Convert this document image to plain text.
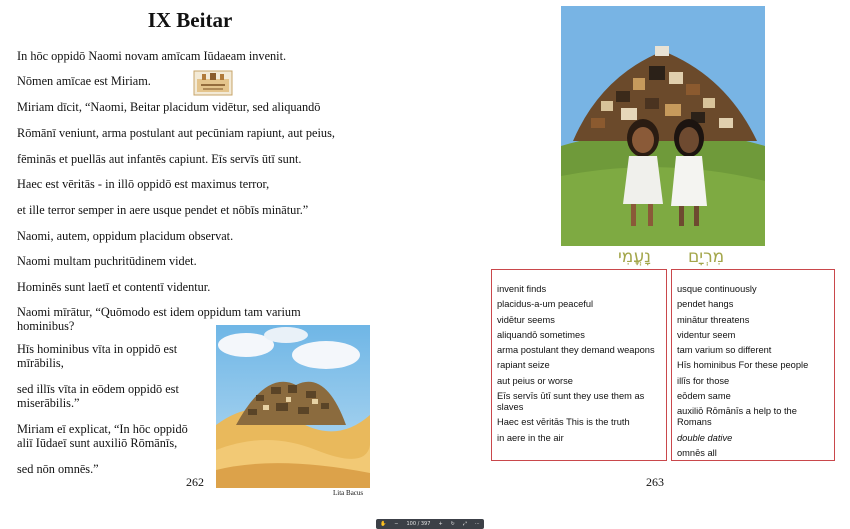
IX Beitar
In hōc oppidō Naomi novam amīcam Iūdaeam invenit.
Nōmen amīcae est Miriam.
Miriam dīcit, “Naomi, Beitar placidum vidētur, sed aliquandō
Rōmānī veniunt, arma postulant aut pecūniam rapiunt, aut peius,
fēminās et puellās aut infantēs capiunt. Eīs servīs ūtī sunt.
Haec est vēritās - in illō oppidō est maximus terror,
et ille terror semper in aere usque pendet et nōbīs minātur.”
Naomi, autem, oppidum placidum observat.
Naomi multam puchritūdinem videt.
Hominēs sunt laetī et contentī videntur.
Naomi mīrātur, “Quōmodo est idem oppidum tam varium hominibus?
Hīs hominibus vīta in oppidō est mīrābilis,
sed illīs vīta in eōdem oppidō est miserābilis.”
Miriam eī explicat, “In hōc oppidō aliī Iūdaeī sunt auxiliō Rōmānīs,
sed nōn omnēs.”
262
Lita Bacus
נָעֳמִי מִרְיָם
invenit finds
placidus-a-um peaceful
vidētur seems
aliquandō sometimes
arma postulant they demand weapons
rapiant seize
aut peius or worse
Eīs servīs ūtī sunt they use them as slaves
Haec est vēritās This is the truth
in aere in the air
usque continuously
pendet hangs
minātur threatens
videntur seem
tam varium so different
Hīs hominibus For these people
illīs for those
eōdem same
auxiliō Rōmānīs a help to the Romans
double dative
omnēs all
263
✋ − 100 / 397 + ↻ ⤢ ⋯
